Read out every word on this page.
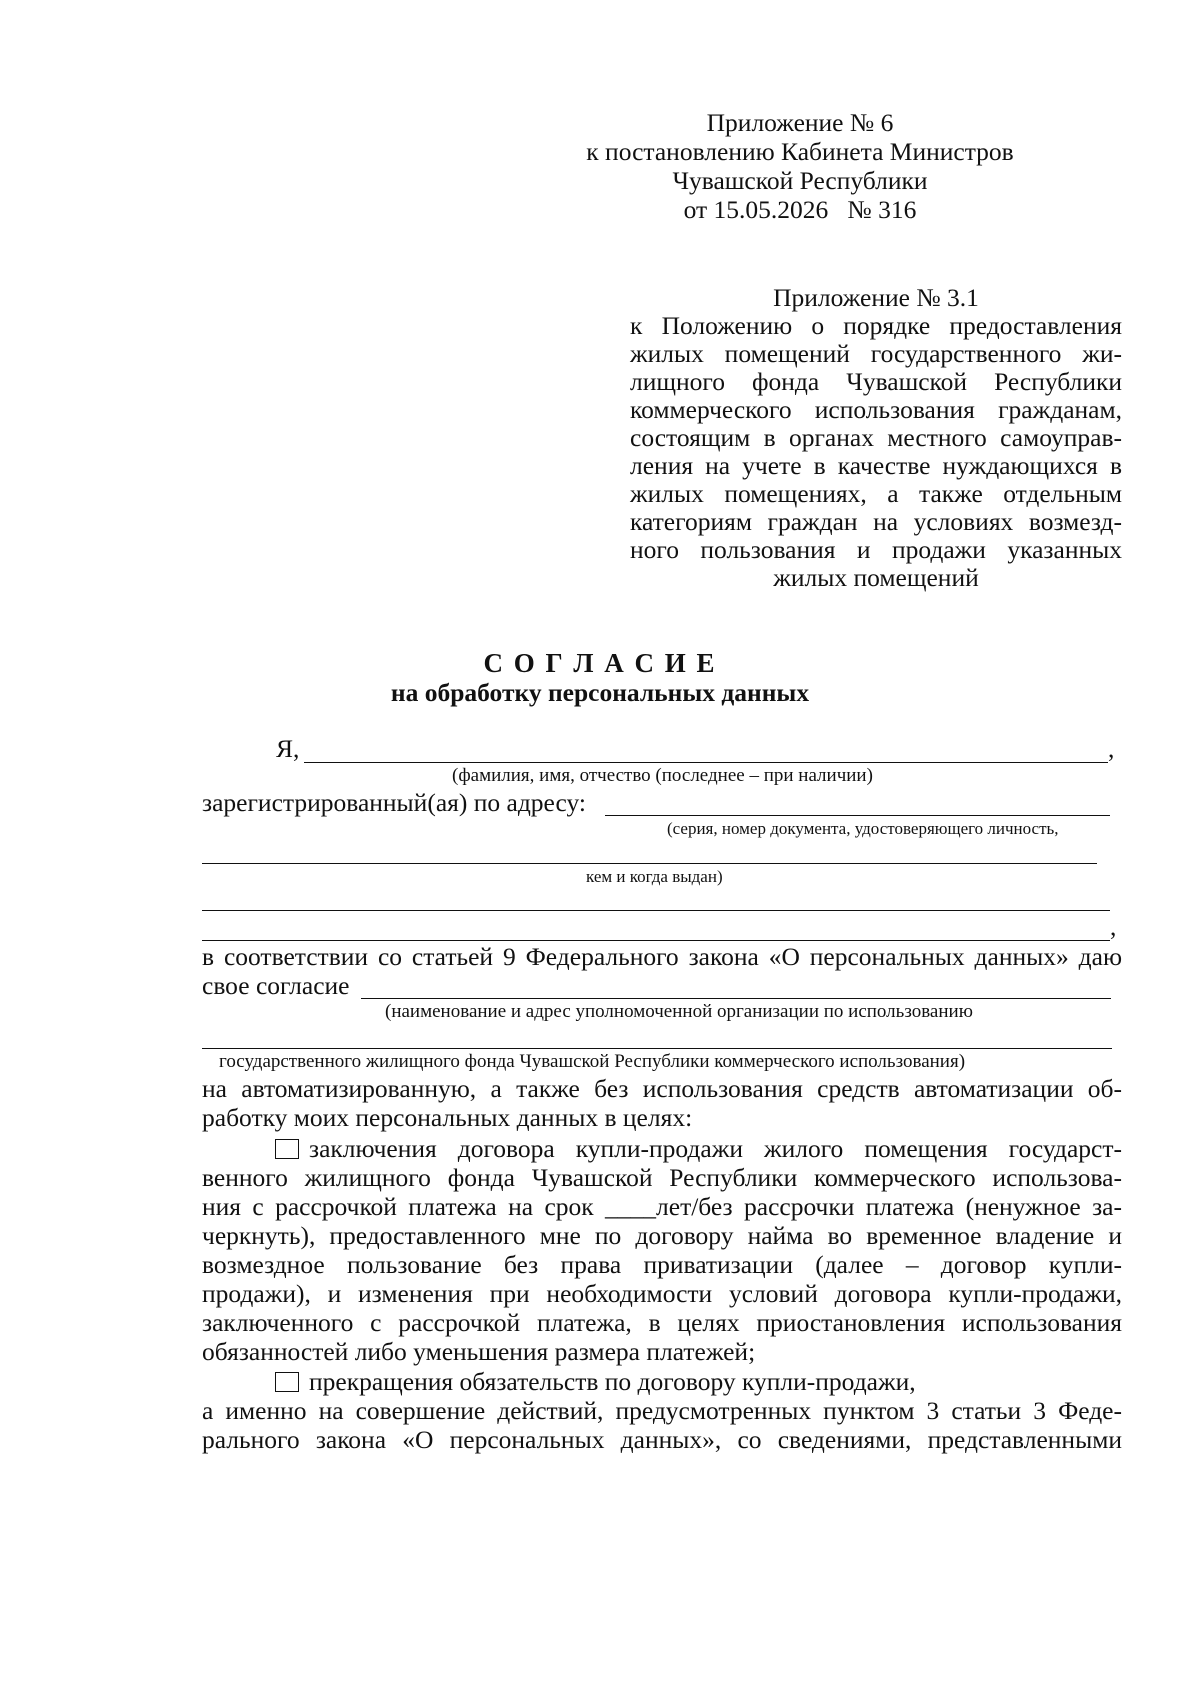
Приложение № 6
к постановлению Кабинета Министров
Чувашской Республики
от 15.05.2026   № 316
Приложение № 3.1
к Положению о порядке предоставления
жилых помещений государственного жи-
лищного фонда Чувашской Республики
коммерческого использования гражданам,
состоящим в органах местного самоуправ-
ления на учете в качестве нуждающихся в
жилых помещениях, а также отдельным
категориям граждан на условиях возмезд-
ного пользования и продажи указанных
жилых помещений
С О Г Л А С И Е
на обработку персональных данных
Я,	,
(фамилия, имя, отчество (последнее – при наличии)
зарегистрированный(ая) по адресу:
(серия, номер документа, удостоверяющего личность,
кем и когда выдан)
,
в соответствии со статьей 9 Федерального закона «О персональных данных» даю
свое согласие
(наименование и адрес уполномоченной организации по использованию
государственного жилищного фонда Чувашской Республики коммерческого использования)
на автоматизированную, а также без использования средств автоматизации об-
работку моих персональных данных в целях:
заключения договора купли-продажи жилого помещения государст-
венного жилищного фонда Чувашской Республики коммерческого использова-
ния с рассрочкой платежа на срок ____лет/без рассрочки платежа (ненужное за-
черкнуть), предоставленного мне по договору найма во временное владение и
возмездное пользование без права приватизации (далее – договор купли-
продажи), и изменения при необходимости условий договора купли-продажи,
заключенного с рассрочкой платежа, в целях приостановления использования
обязанностей либо уменьшения размера платежей;
прекращения обязательств по договору купли-продажи,
а именно на совершение действий, предусмотренных пунктом 3 статьи 3 Феде-
рального закона «О персональных данных», со сведениями, представленными
